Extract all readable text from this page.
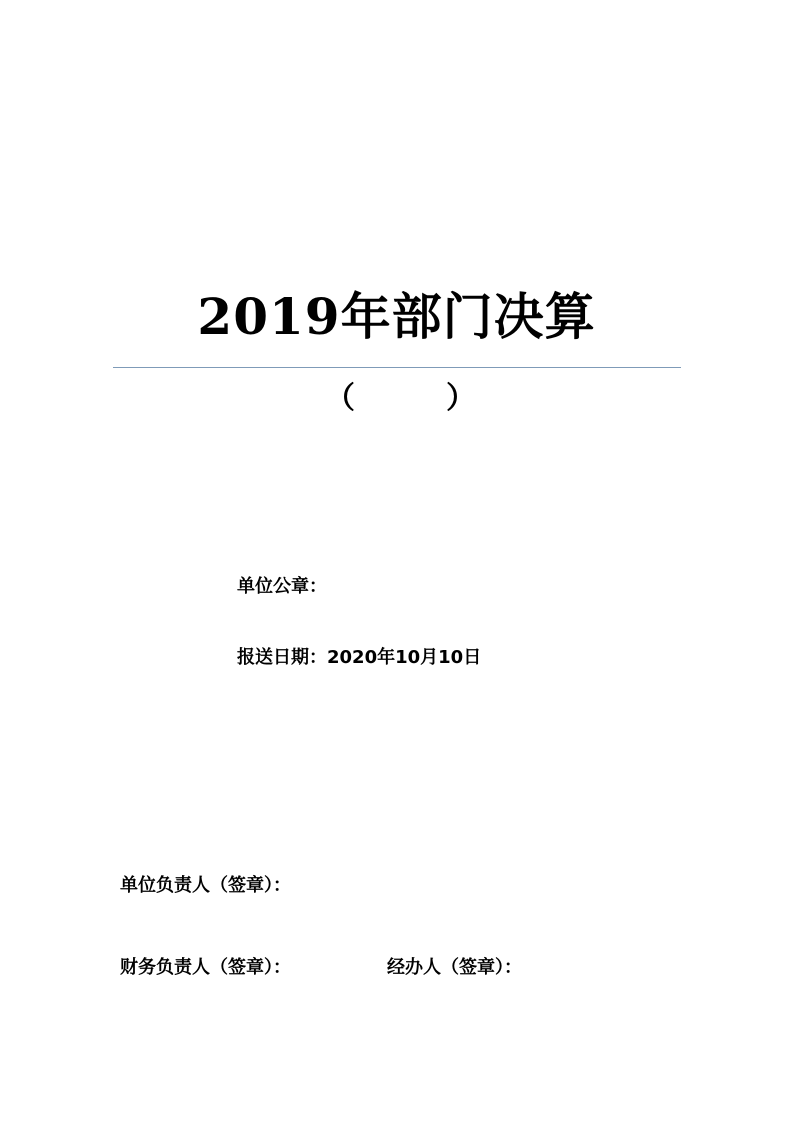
2019年部门决算
（	）
单位公章：
报送日期：2020年10月10日
单位负责人（签章）：
财务负责人（签章）：	经办人（签章）：
